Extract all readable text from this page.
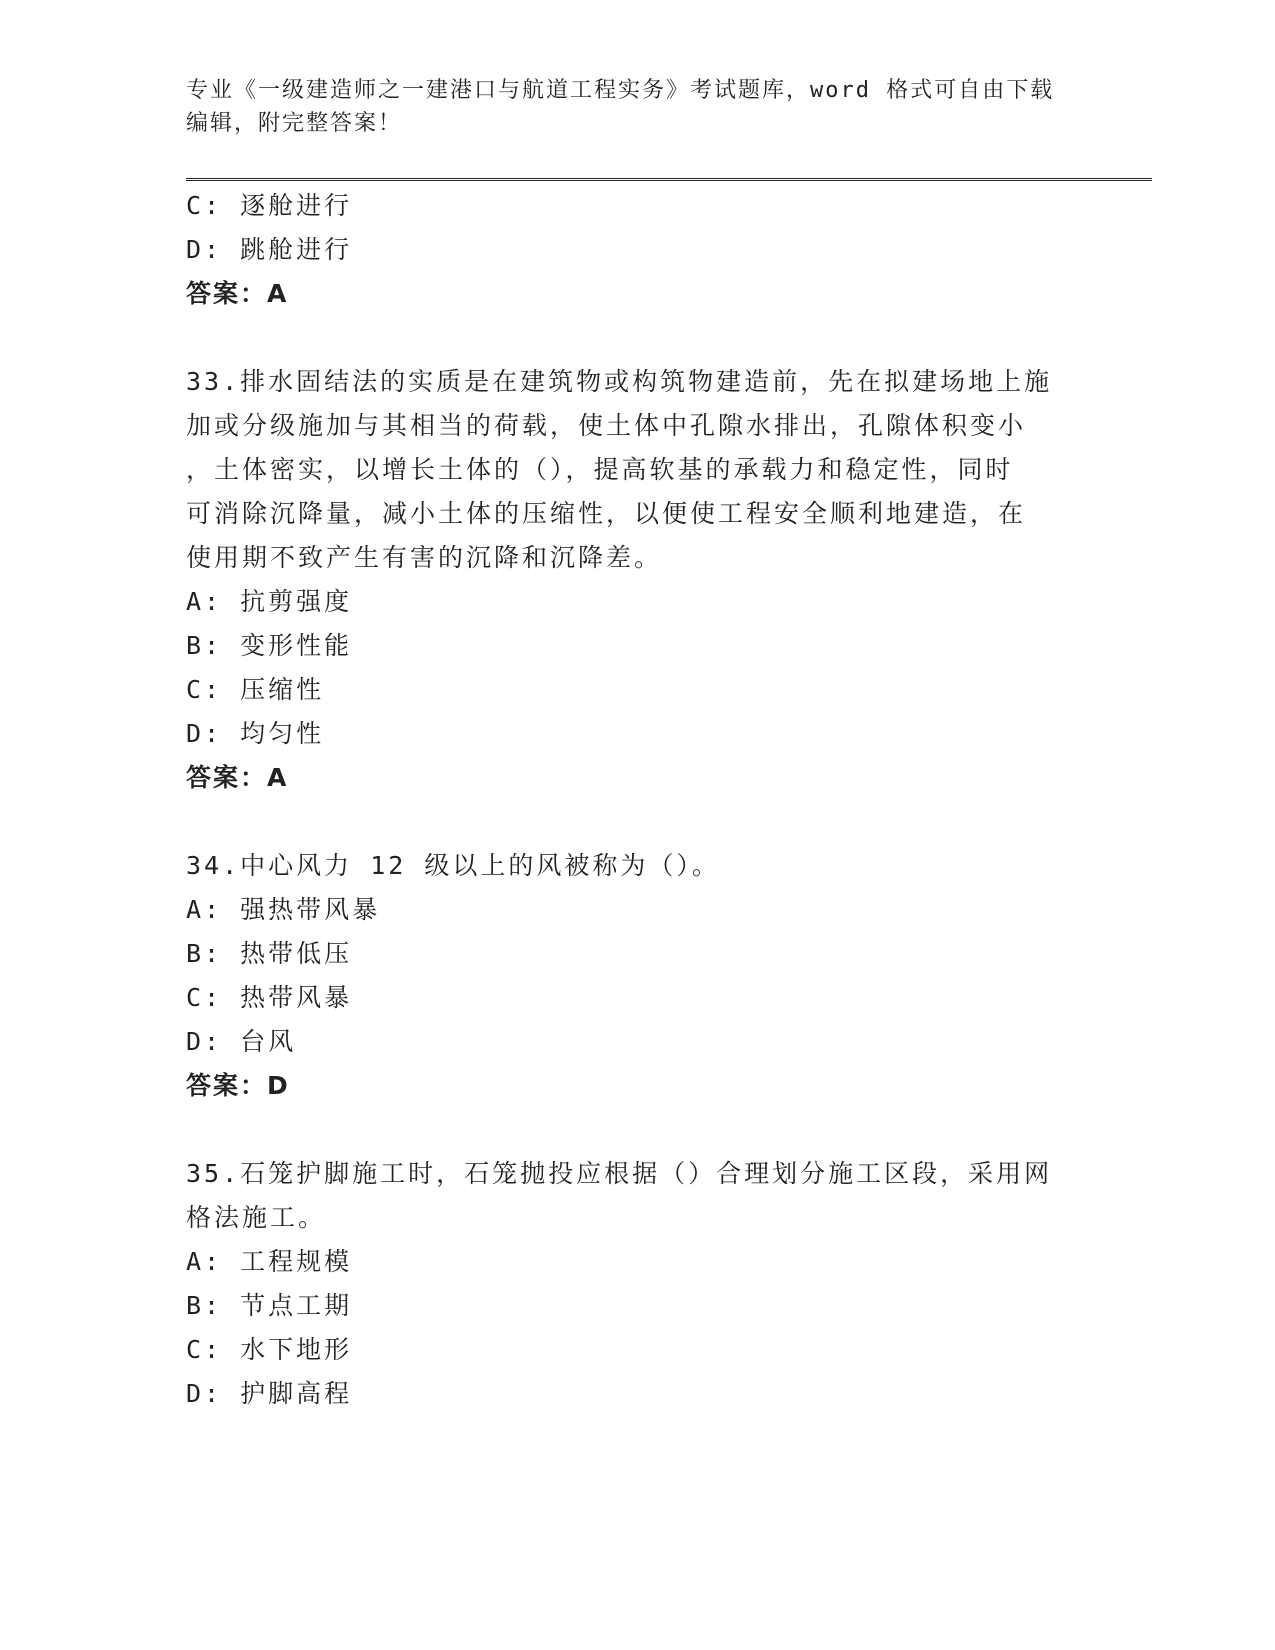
专业《一级建造师之一建港口与航道工程实务》考试题库，word 格式可自由下载
编辑，附完整答案！
C: 逐舱进行
D: 跳舱进行
答案：A
33.排水固结法的实质是在建筑物或构筑物建造前，先在拟建场地上施
加或分级施加与其相当的荷载，使土体中孔隙水排出，孔隙体积变小
，土体密实，以增长土体的（），提高软基的承载力和稳定性，同时
可消除沉降量，减小土体的压缩性，以便使工程安全顺利地建造，在
使用期不致产生有害的沉降和沉降差。
A: 抗剪强度
B: 变形性能
C: 压缩性
D: 均匀性
答案：A
34.中心风力 12 级以上的风被称为（）。
A: 强热带风暴
B: 热带低压
C: 热带风暴
D: 台风
答案：D
35.石笼护脚施工时，石笼抛投应根据（）合理划分施工区段，采用网
格法施工。
A: 工程规模
B: 节点工期
C: 水下地形
D: 护脚高程
